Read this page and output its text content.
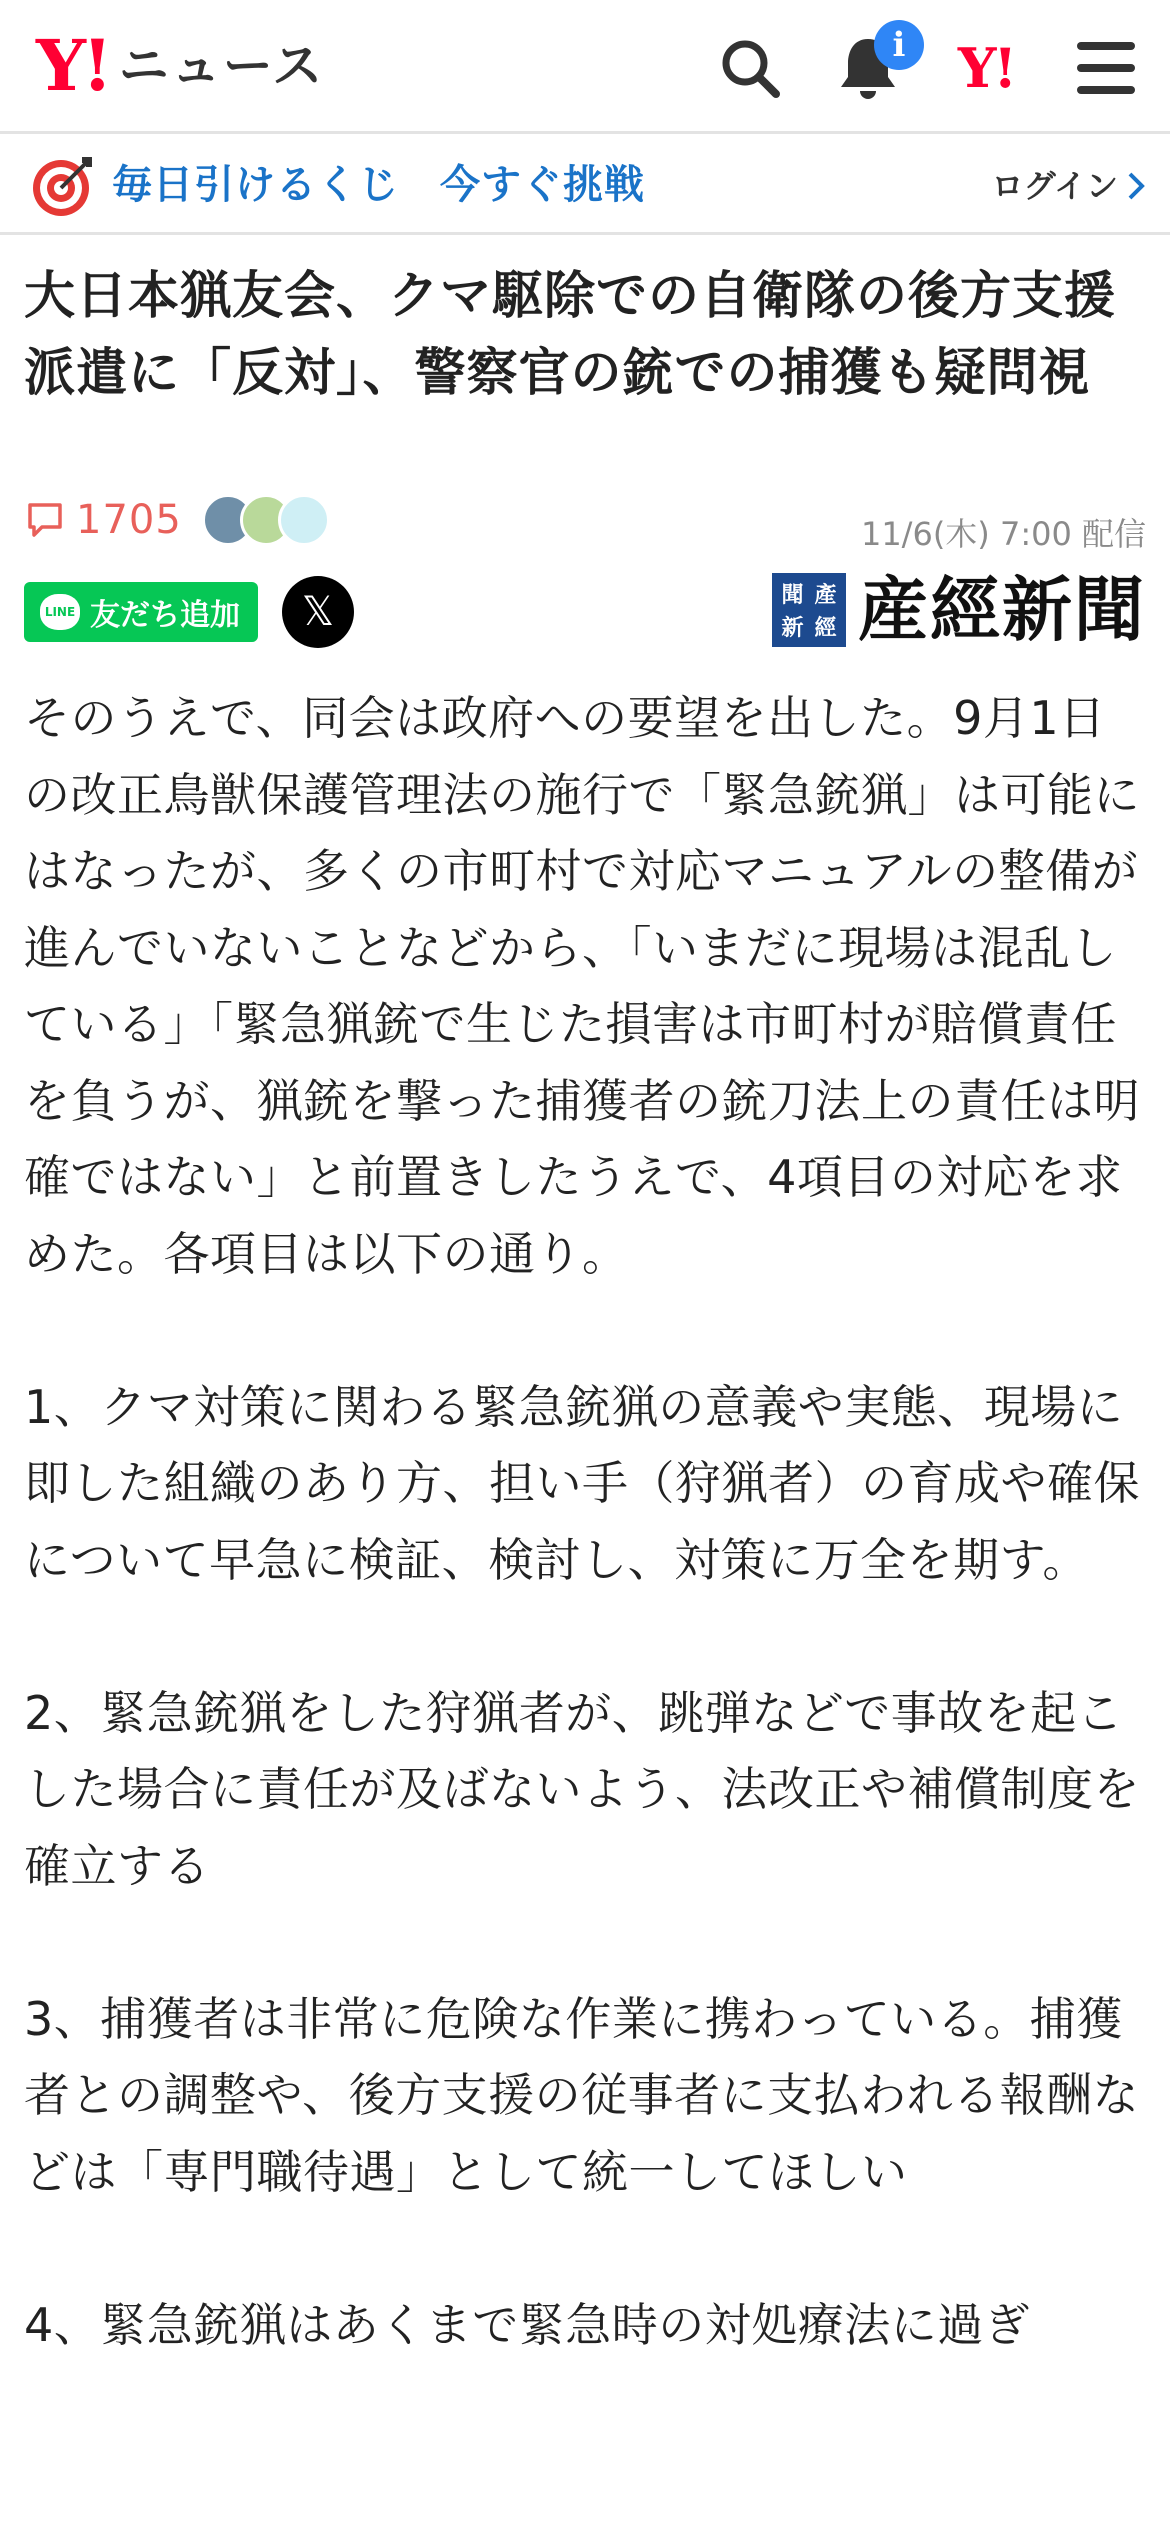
Y! ニュース	i Y!
毎日引けるくじ　今すぐ挑戦	ログイン
大日本猟友会、クマ駆除での自衛隊の後方支援派遣に「反対」、警察官の銃での捕獲も疑問視
1705	11/6(木) 7:00 配信
LINE 友だち追加 𝕏	聞 產
新 經 産經新聞

そのうえで、同会は政府への要望を出した。9月1日の改正鳥獣保護管理法の施行で「緊急銃猟」は可能にはなったが、多くの市町村で対応マニュアルの整備が進んでいないことなどから、「いまだに現場は混乱している」「緊急猟銃で生じた損害は市町村が賠償責任を負うが、猟銃を撃った捕獲者の銃刀法上の責任は明確ではない」と前置きしたうえで、4項目の対応を求めた。各項目は以下の通り。

1、クマ対策に関わる緊急銃猟の意義や実態、現場に即した組織のあり方、担い手（狩猟者）の育成や確保について早急に検証、検討し、対策に万全を期す。

2、緊急銃猟をした狩猟者が、跳弾などで事故を起こした場合に責任が及ばないよう、法改正や補償制度を確立する

3、捕獲者は非常に危険な作業に携わっている。捕獲者との調整や、後方支援の従事者に支払われる報酬などは「専門職待遇」として統一してほしい

4、緊急銃猟はあくまで緊急時の対処療法に過ぎ
